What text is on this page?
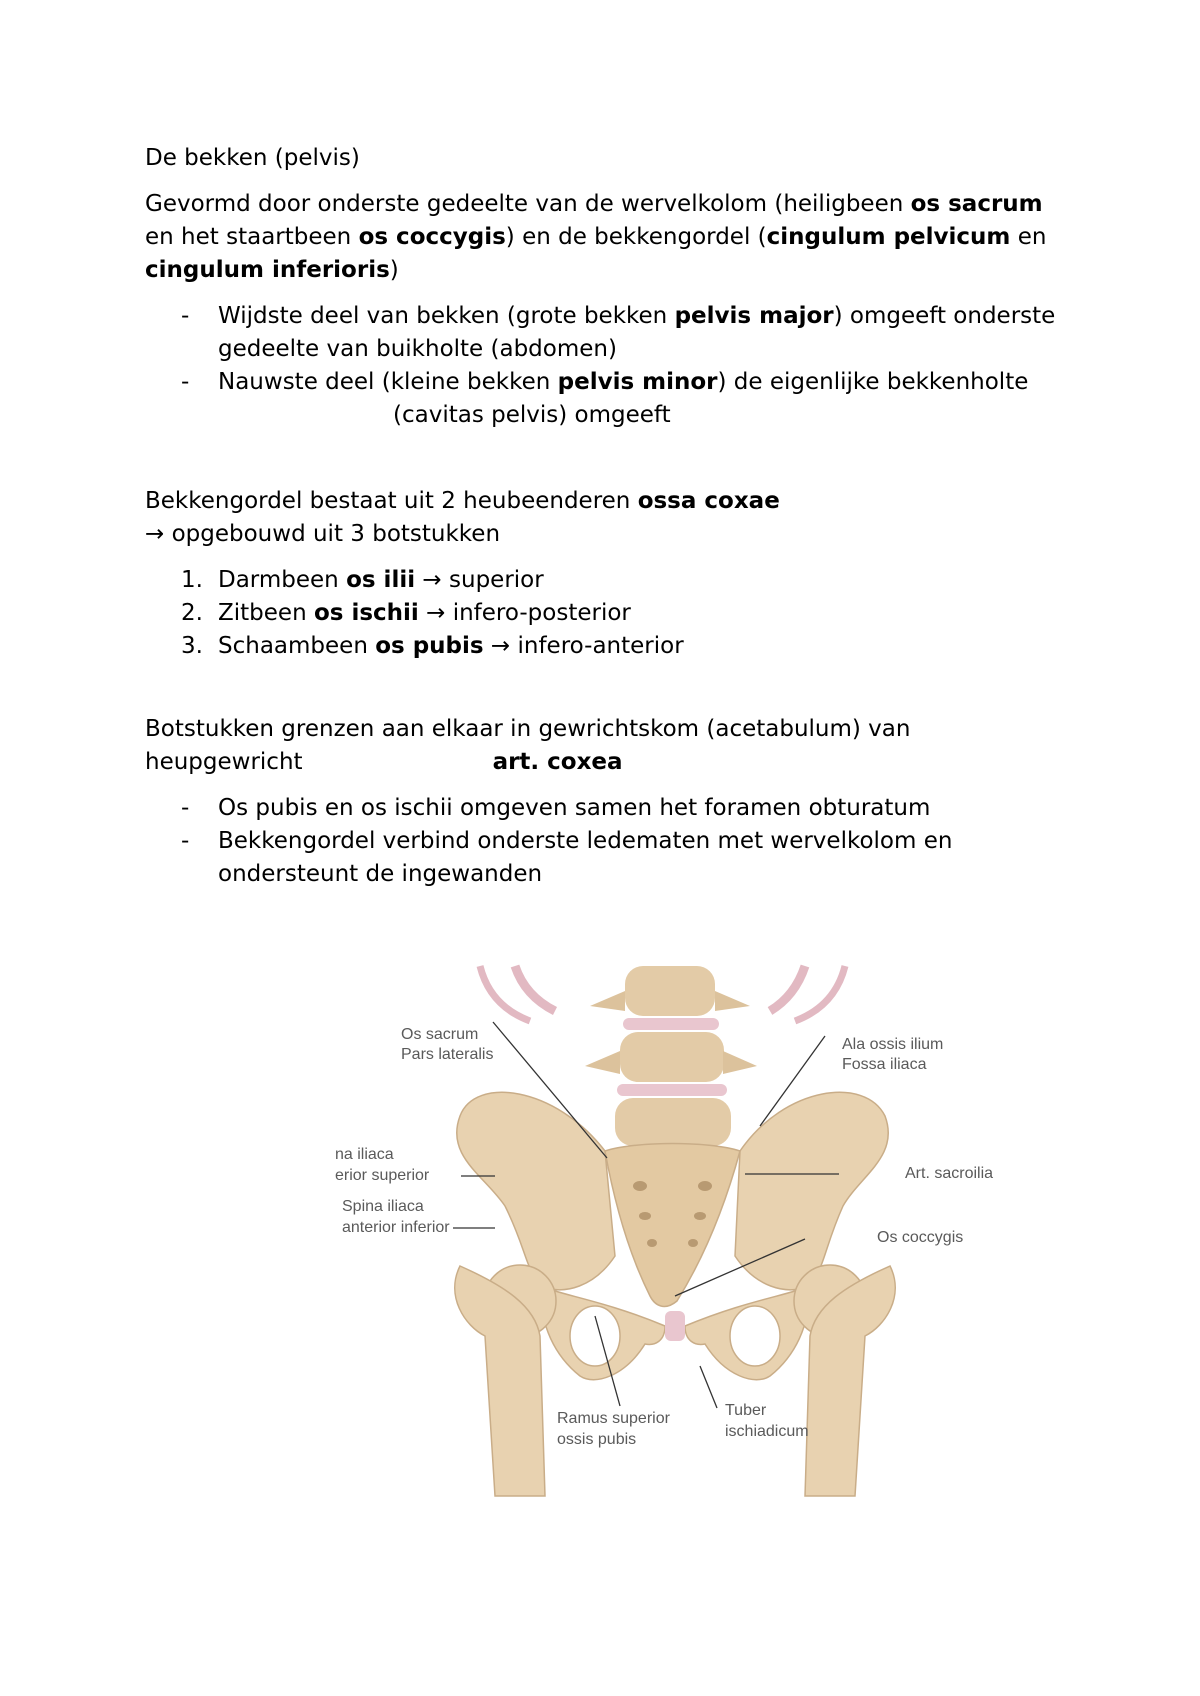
De bekken (pelvis)

Gevormd door onderste gedeelte van de wervelkolom (heiligbeen os sacrum en het staartbeen os coccygis) en de bekkengordel (cingulum pelvicum en
cingulum inferioris)

- Wijdste deel van bekken (grote bekken pelvis major) omgeeft onderste gedeelte van buikholte (abdomen)
- Nauwste deel (kleine bekken pelvis minor) de eigenlijke bekkenholte(cavitas pelvis) omgeeft

Bekkengordel bestaat uit 2 heubeenderen ossa coxae
→ opgebouwd uit 3 botstukken

1. Darmbeen os ilii → superior
2. Zitbeen os ischii → infero-posterior
3. Schaambeen os pubis → infero-anterior

Botstukken grenzen aan elkaar in gewrichtskom (acetabulum) van heupgewricht	art. coxea

- Os pubis en os ischii omgeven samen het foramen obturatum
- Bekkengordel verbind onderste ledematen met wervelkolom en ondersteunt de ingewanden
Os sacrum
Pars lateralis
Ala ossis ilium
Fossa iliaca
na iliaca
erior superior	Art. sacroilia
Spina iliaca
anterior inferior
Os coccygis
Ramus superior
ossis pubis
Tuber
ischiadicum
